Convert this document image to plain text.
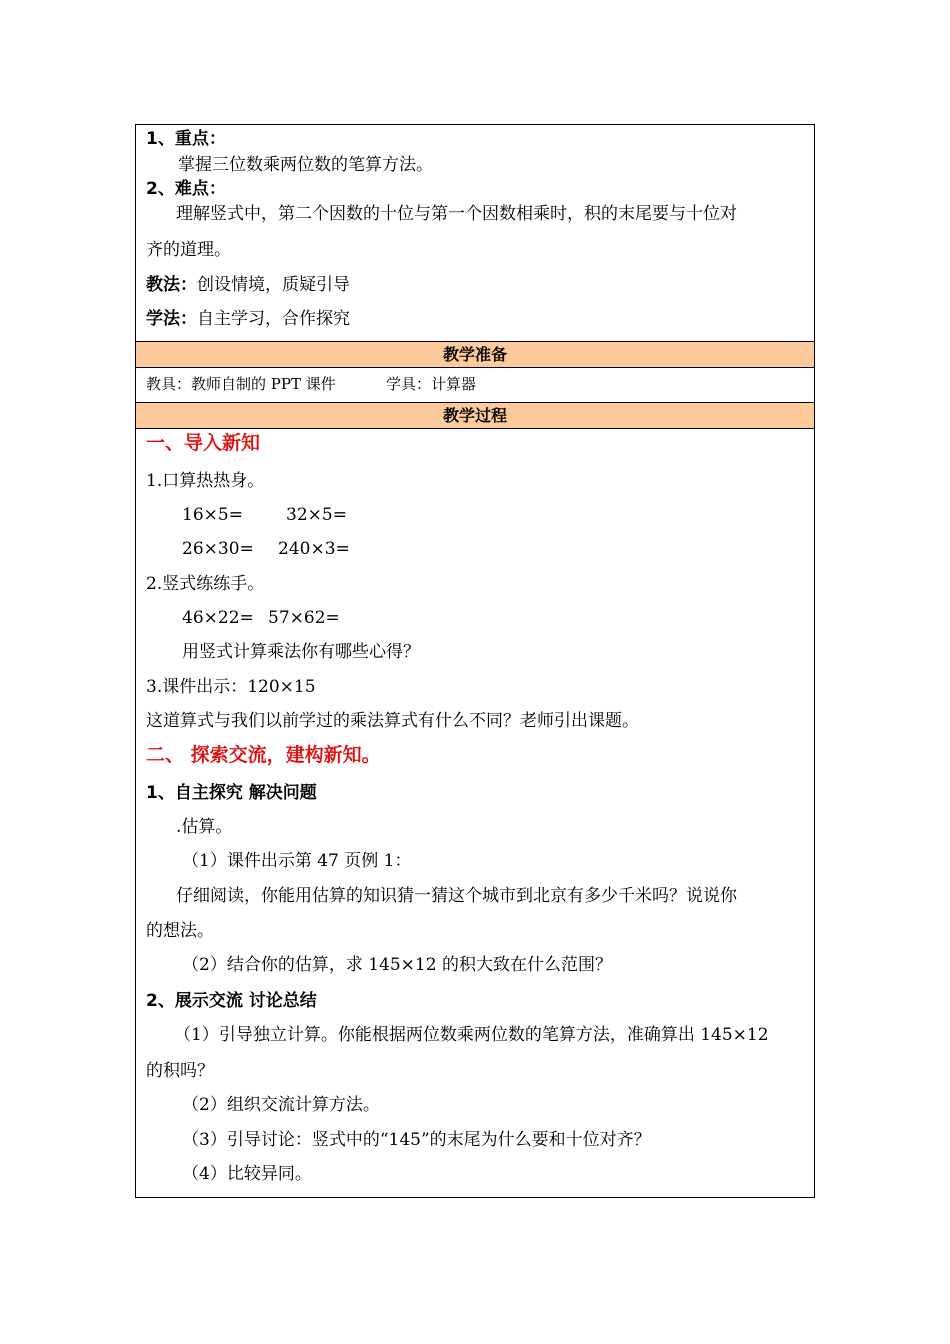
1、重点：
掌握三位数乘两位数的笔算方法。
2、难点：
理解竖式中，第二个因数的十位与第一个因数相乘时，积的末尾要与十位对
齐的道理。
教法：创设情境，质疑引导
学法：自主学习，合作探究
教学准备
教具：教师自制的 PPT 课件	学具：计算器
教学过程
一、导入新知
1.口算热热身。
16×5=	32×5=
26×30= 240×3=
2.竖式练练手。
46×22= 57×62=
用竖式计算乘法你有哪些心得？
3.课件出示：120×15
这道算式与我们以前学过的乘法算式有什么不同？老师引出课题。
二、 探索交流，建构新知。
1、自主探究 解决问题
.估算。
（1）课件出示第 47 页例 1：
仔细阅读，你能用估算的知识猜一猜这个城市到北京有多少千米吗？说说你
的想法。
（2）结合你的估算，求 145×12 的积大致在什么范围？
2、展示交流 讨论总结
（1）引导独立计算。你能根据两位数乘两位数的笔算方法，准确算出 145×12
的积吗？
（2）组织交流计算方法。
（3）引导讨论：竖式中的“145”的末尾为什么要和十位对齐？
（4）比较异同。
